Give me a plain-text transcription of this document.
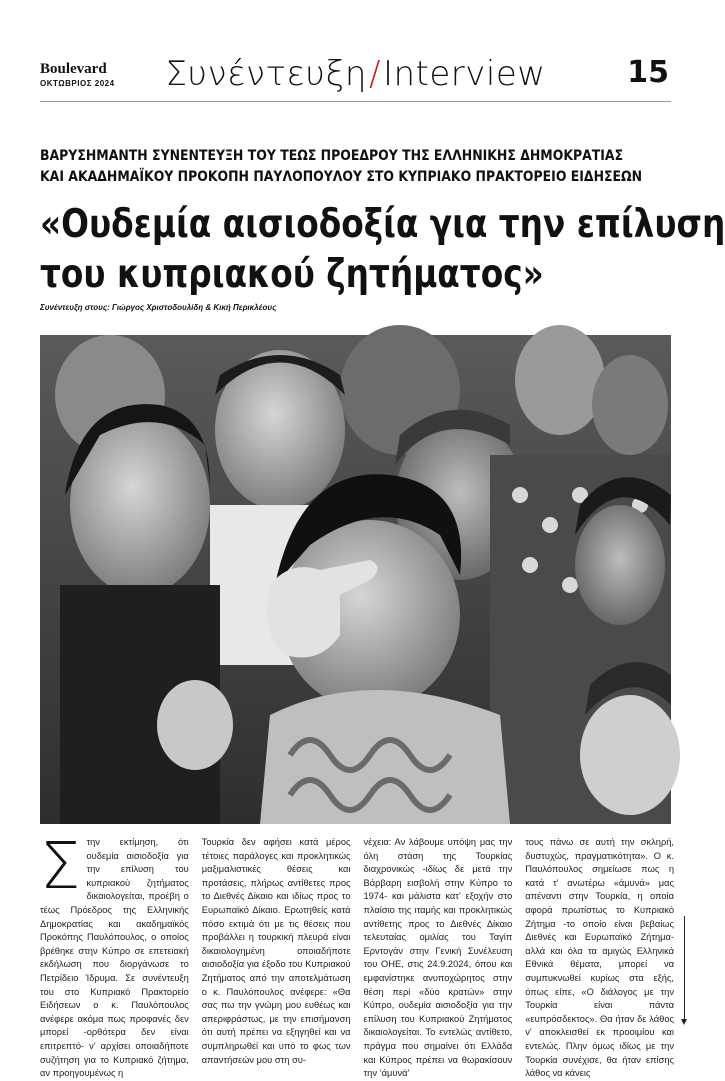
Boulevard
ΟΚΤΩΒΡΙΟΣ 2024	Συνέντευξη/Interview	15
ΒΑΡΥΣΗΜΑΝΤΗ ΣΥΝΕΝΤΕΥΞΗ ΤΟΥ ΤΕΩΣ ΠΡΟΕΔΡΟΥ ΤΗΣ ΕΛΛΗΝΙΚΗΣ ΔΗΜΟΚΡΑΤΙΑΣ
ΚΑΙ ΑΚΑΔΗΜΑΪΚΟΥ ΠΡΟΚΟΠΗ ΠΑΥΛΟΠΟΥΛΟΥ ΣΤΟ ΚΥΠΡΙΑΚΟ ΠΡΑΚΤΟΡΕΙΟ ΕΙΔΗΣΕΩΝ
«Ουδεμία αισιοδοξία για την επίλυση
του κυπριακού ζητήματος»
Συνέντευξη στους: Γιώργος Χριστοδουλίδη & Κική Περικλέους
Σ την εκτίμηση, ότι ουδεμία αισιοδοξία για την επίλυση του κυπριακού ζητήματος δικαιολογείται, προέβη ο τέως Πρόεδρος της Ελληνικής Δημοκρατίας και ακαδημαϊκός Προκόπης Παυλόπουλος, ο οποίος βρέθηκε στην Κύπρο σε επετειακή εκδήλωση που διοργάνωσε το Πετρίδειο Ίδρυμα. Σε συνέντευξη του στο Κυπριακό Πρακτορείο Ειδήσεων ο κ. Παυλόπουλος ανέφερε ακόμα πως προφανές δεν μπορεί -ορθότερα δεν είναι επιτρεπτό- ν' αρχίσει οποιαδήποτε συζήτηση για το Κυπριακό ζήτημα, αν προηγουμένως η

Τουρκία δεν αφήσει κατά μέρος τέτοιες παράλογες και προκλητικώς μαξιμαλιστικές θέσεις και προτάσεις, πλήρως αντίθετες προς το Διεθνές Δίκαιο και ιδίως προς το Ευρωπαϊκό Δίκαιο. Ερωτηθείς κατά πόσο εκτιμά ότι με τις θέσεις που προβάλλει η τουρκική πλευρά είναι δικαιολογημένη οποιαδήποτε αισιοδοξία για έξοδο του Κυπριακού Ζητήματος από την αποτελμάτωση ο κ. Παυλόπουλος ανέφερε: «Θα σας πω την γνώμη μου ευθέως και απεριφράστως, με την επισήμανση ότι αυτή πρέπει να εξηγηθεί και να συμπληρωθεί και υπό το φως των απαντήσεών μου στη συ-

νέχεια: Αν λάβουμε υπόψη μας την όλη στάση της Τουρκίας διαχρονικώς -ιδίως δε μετά την Βάρβαρη εισβολή στην Κύπρο το 1974- και μάλιστα κατ' εξοχήν στο πλαίσιο της ιταμής και προκλητικώς αντίθετης προς το Διεθνές Δίκαιο τελευταίας ομιλίας του Ταγίπ Ερντογάν στην Γενική Συνέλευση του ΟΗΕ, στις 24.9.2024, όπου και εμφανίστηκε ανυποχώρητος στην θέση περί «δύο κρατών» στην Κύπρο, ουδεμία αισιοδοξία για την επίλυση του Κυπριακού Ζητήματος δικαιολογείται. Το εντελώς αντίθετο, πράγμα που σημαίνει ότι Ελλάδα και Κύπρος πρέπει να θωρακίσουν την ‘άμυνά’

τους πάνω σε αυτή την σκληρή, δυστυχώς, πραγματικότητα». Ο κ. Παυλόπουλος σημείωσε πως η κατά τ' ανωτέρω «άμυνά» μας απέναντι στην Τουρκία, η οποία αφορά πρωτίστως το Κυπριακό Ζήτημα -το οποίο είναι βεβαίως Διεθνές και Ευρωπαϊκό Ζήτημα- αλλά και όλα τα αμιγώς Ελληνικά Εθνικά θέματα, μπορεί να συμπυκνωθεί κυρίως στα εξής, όπως είπε, «Ο διάλογος με την Τουρκία είναι πάντα «ευπρόσδεκτος». Θα ήταν δε λάθος ν' αποκλεισθεί εκ προοιμίου και εντελώς. Πλην όμως ιδίως με την Τουρκία συνέχισε, θα ήταν επίσης λάθος να κάνεις
